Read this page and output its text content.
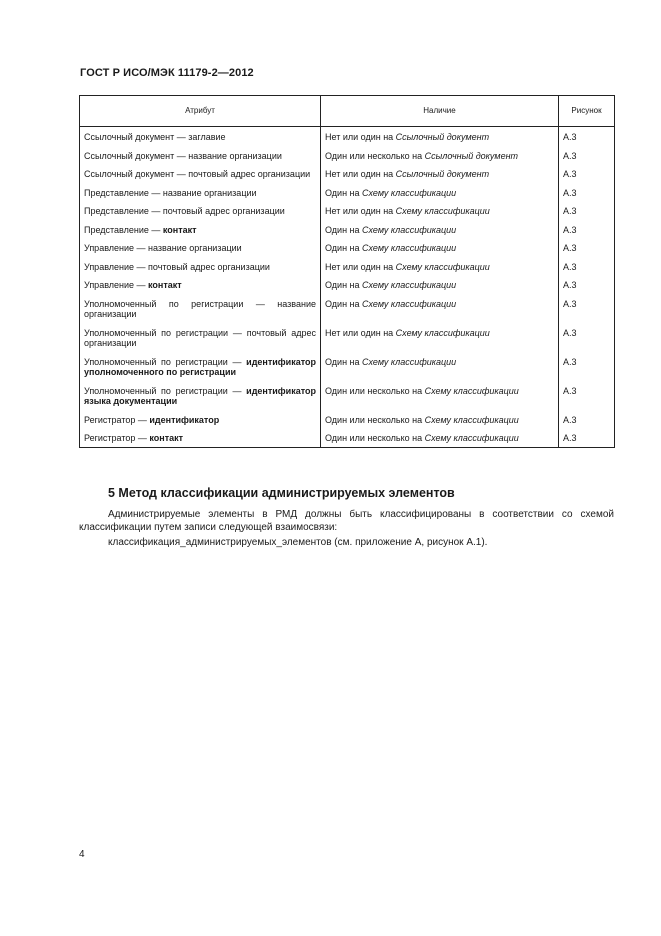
ГОСТ Р ИСО/МЭК 11179-2—2012
Атрибут	Наличие	Рисунок
Ссылочный документ — заглавие	Нет или один на Ссылочный документ	А.3
Ссылочный документ — название организации	Один или несколько на Ссылочный документ	А.3
Ссылочный документ — почтовый адрес организации	Нет или один на Ссылочный документ	А.3
Представление — название организации	Один на Схему классификации	А.3
Представление — почтовый адрес организации	Нет или один на Схему классификации	А.3
Представление — контакт	Один на Схему классификации	А.3
Управление — название организации	Один на Схему классификации	А.3
Управление — почтовый адрес организации	Нет или один на Схему классификации	А.3
Управление — контакт	Один на Схему классификации	А.3
Уполномоченный по регистрации — название организации	Один на Схему классификации	А.3
Уполномоченный по регистрации — почтовый адрес организации	Нет или один на Схему классификации	А.3
Уполномоченный по регистрации — идентификатор уполномоченного по регистрации	Один на Схему классификации	А.3
Уполномоченный по регистрации — идентификатор языка документации	Один или несколько на Схему классификации	А.3
Регистратор — идентификатор	Один или несколько на Схему классификации	А.3
Регистратор — контакт	Один или несколько на Схему классификации	А.3
5 Метод классификации администрируемых элементов

Администрируемые элементы в РМД должны быть классифицированы в соответствии со схемой классификации путем записи следующей взаимосвязи:

классификация_администрируемых_элементов (см. приложение А, рисунок А.1).

4
